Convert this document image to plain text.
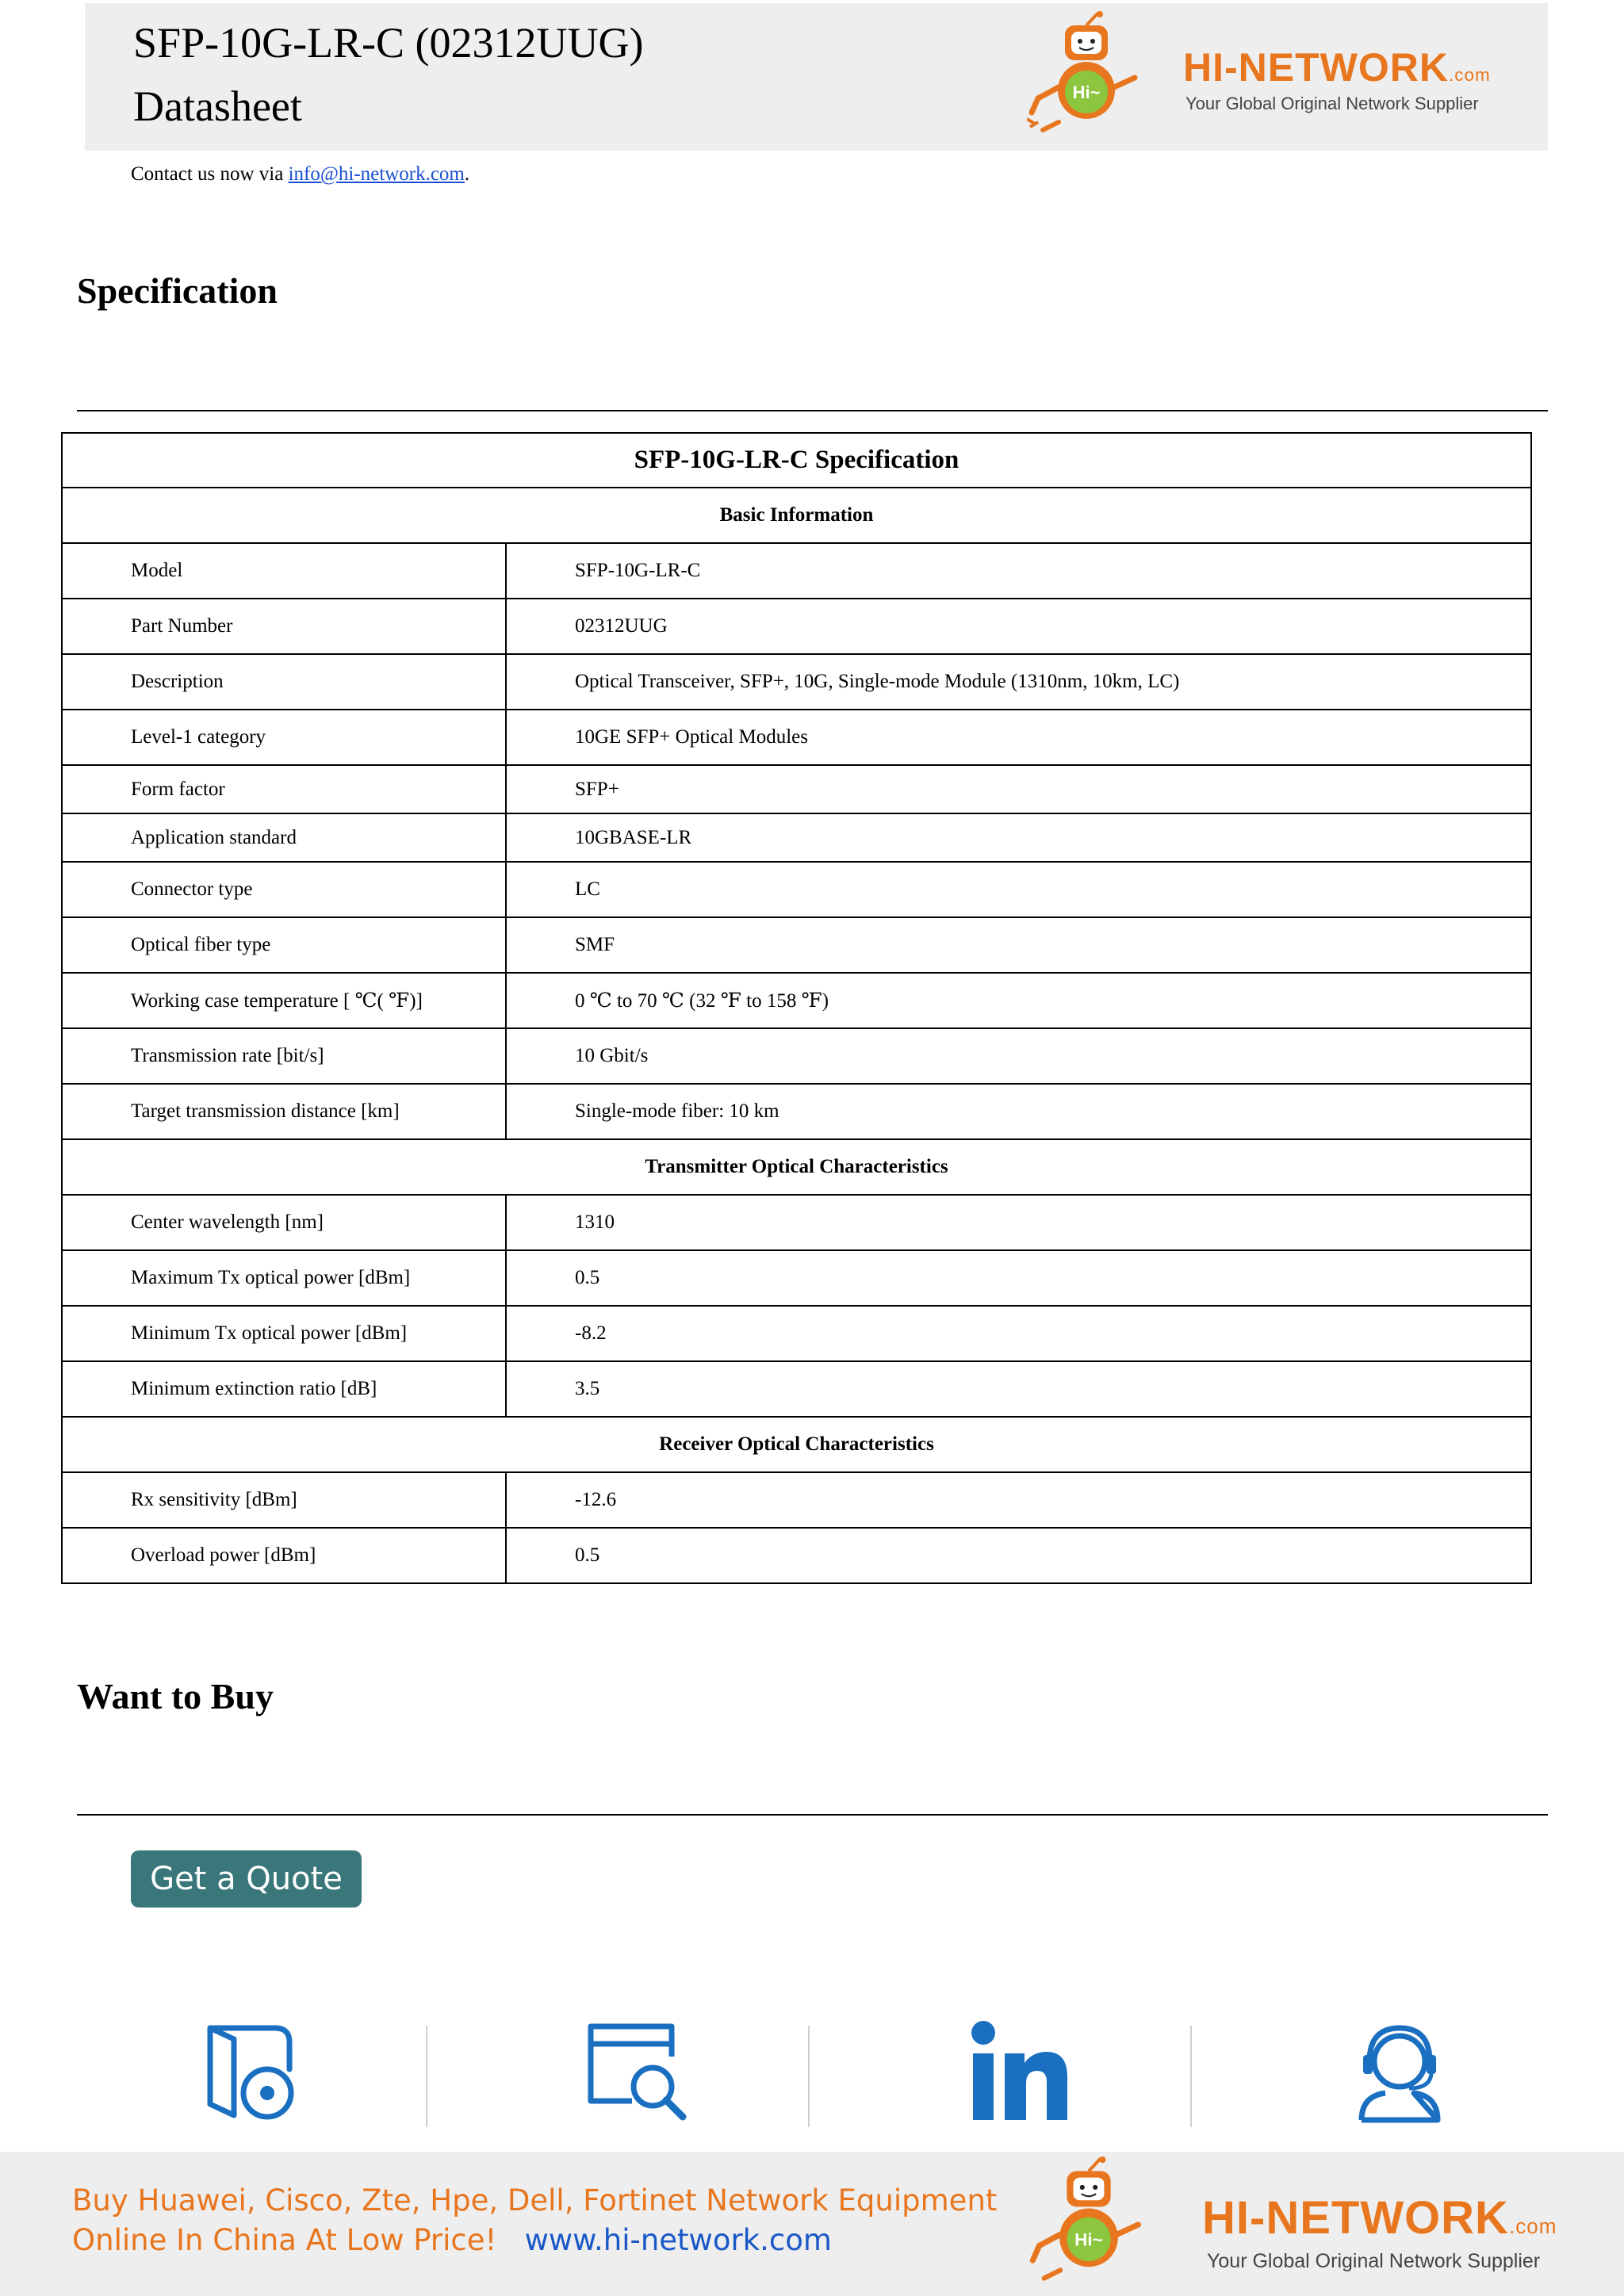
SFP-10G-LR-C (02312UUG)
Datasheet	Hi~
HI-NETWORK.com
Your Global Original Network Supplier
Contact us now via info@hi-network.com.
Specification
SFP-10G-LR-C Specification	
Basic Information	
Model	SFP-10G-LR-C
Part Number	02312UUG
Description	Optical Transceiver, SFP+, 10G, Single-mode Module (1310nm, 10km, LC)
Level-1 category	10GE SFP+ Optical Modules
Form factor	SFP+
Application standard	10GBASE-LR
Connector type	LC
Optical fiber type	SMF
Working case temperature [ ℃( ℉)]	0 ℃ to 70 ℃ (32 ℉ to 158 ℉)
Transmission rate [bit/s]	10 Gbit/s
Target transmission distance [km]	Single-mode fiber: 10 km
Transmitter Optical Characteristics	
Center wavelength [nm]	1310
Maximum Tx optical power [dBm]	0.5
Minimum Tx optical power [dBm]	-8.2
Minimum extinction ratio [dB]	3.5
Receiver Optical Characteristics	
Rx sensitivity [dBm]	-12.6
Overload power [dBm]	0.5
Want to Buy
Get a Quote
Buy Huawei, Cisco, Zte, Hpe, Dell, Fortinet Network Equipment
Online In China At Low Price!   www.hi-network.com	Hi~ HI-NETWORK.com
Your Global Original Network Supplier
